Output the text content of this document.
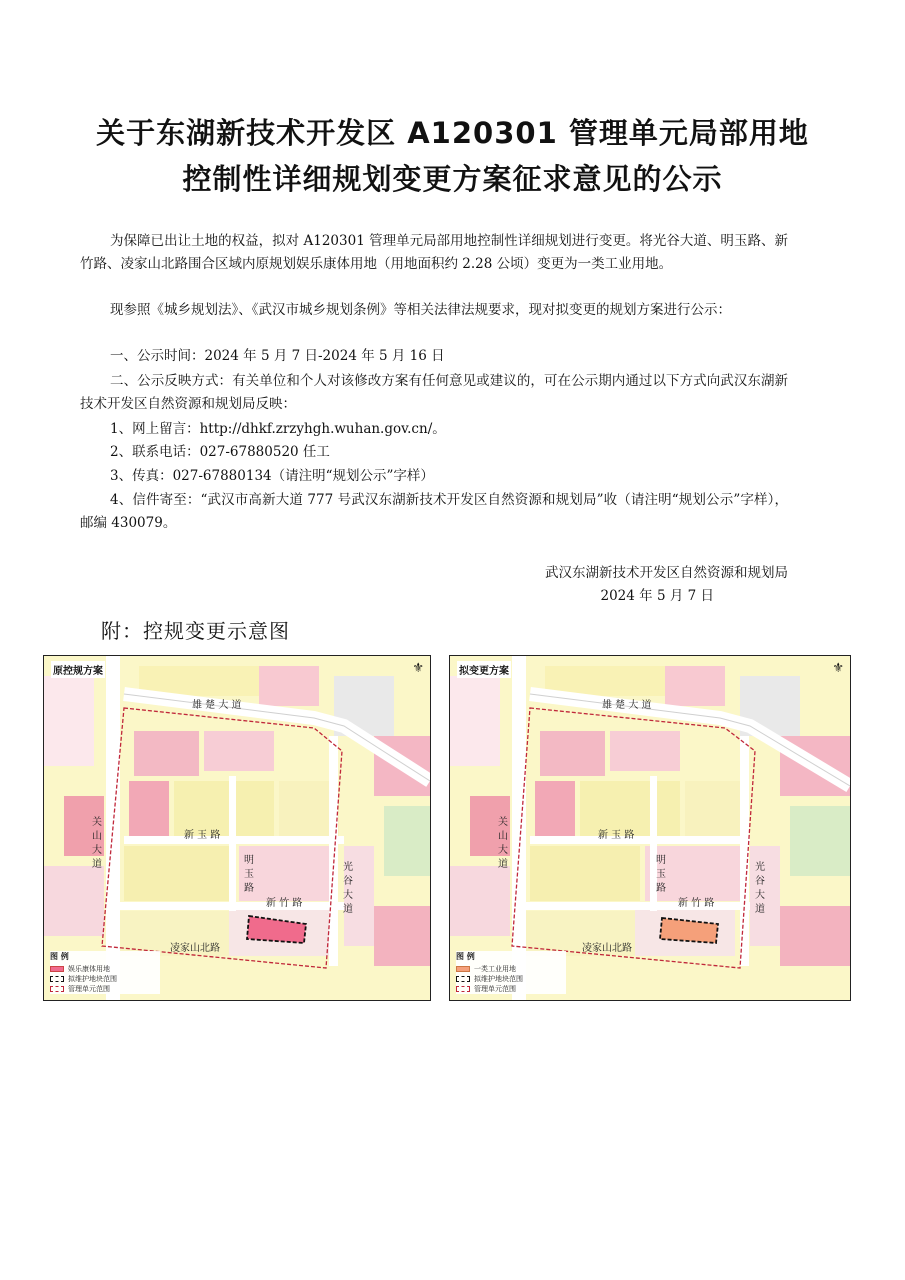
关于东湖新技术开发区 A120301 管理单元局部用地
控制性详细规划变更方案征求意见的公示
为保障已出让土地的权益，拟对 A120301 管理单元局部用地控制性详细规划进行变更。将光谷大道、明玉路、新竹路、凌家山北路围合区域内原规划娱乐康体用地（用地面积约 2.28 公顷）变更为一类工业用地。
现参照《城乡规划法》、《武汉市城乡规划条例》等相关法律法规要求，现对拟变更的规划方案进行公示：
一、公示时间：2024 年 5 月 7 日-2024 年 5 月 16 日
二、公示反映方式：有关单位和个人对该修改方案有任何意见或建议的，可在公示期内通过以下方式向武汉东湖新技术开发区自然资源和规划局反映：
1、网上留言：http://dhkf.zrzyhgh.wuhan.gov.cn/。
2、联系电话：027-67880520 任工
3、传真：027-67880134（请注明“规划公示”字样）
4、信件寄至：“武汉市高新大道 777 号武汉东湖新技术开发区自然资源和规划局”收（请注明“规划公示”字样），邮编 430079。
武汉东湖新技术开发区自然资源和规划局
2024 年 5 月 7 日
附：控规变更示意图
原控规方案	⚜
雄 楚 大 道
新 玉 路
明玉路
新 竹 路
凌家山北路
关山大道	光谷大道
图 例
娱乐康体用地
拟维护地块范围
管理单元范围
拟变更方案	⚜
雄 楚 大 道
新 玉 路
明玉路
新 竹 路
凌家山北路
关山大道	光谷大道
图 例
一类工业用地
拟维护地块范围
管理单元范围
